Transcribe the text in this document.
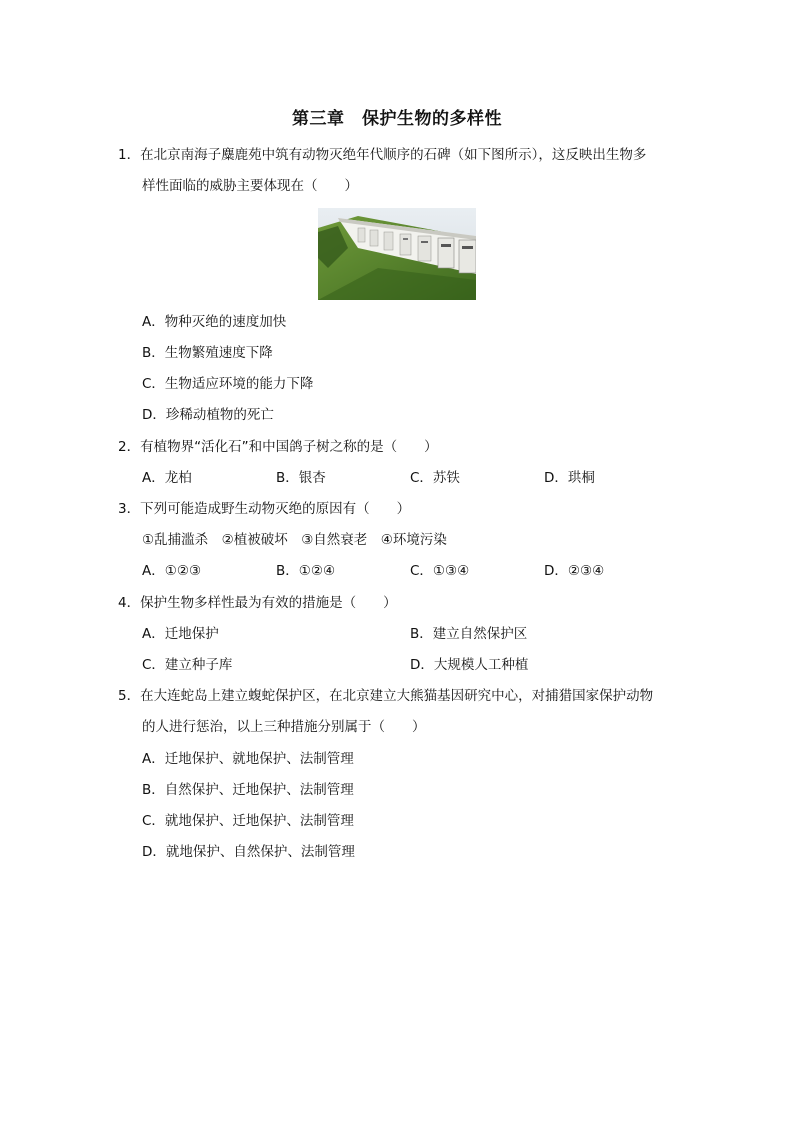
第三章　保护生物的多样性
1．在北京南海子麋鹿苑中筑有动物灭绝年代顺序的石碑（如下图所示），这反映出生物多
样性面临的威胁主要体现在（　　）
A．物种灭绝的速度加快
B．生物繁殖速度下降
C．生物适应环境的能力下降
D．珍稀动植物的死亡
2．有植物界“活化石”和中国鸽子树之称的是（　　）
A．龙柏	B．银杏	C．苏铁	D．珙桐
3．下列可能造成野生动物灭绝的原因有（　　）
①乱捕滥杀　②植被破坏　③自然衰老　④环境污染
A．①②③	B．①②④	C．①③④	D．②③④
4．保护生物多样性最为有效的措施是（　　）
A．迁地保护	B．建立自然保护区
C．建立种子库	D．大规模人工种植
5．在大连蛇岛上建立蝮蛇保护区，在北京建立大熊猫基因研究中心，对捕猎国家保护动物
的人进行惩治，以上三种措施分别属于（　　）
A．迁地保护、就地保护、法制管理
B．自然保护、迁地保护、法制管理
C．就地保护、迁地保护、法制管理
D．就地保护、自然保护、法制管理
